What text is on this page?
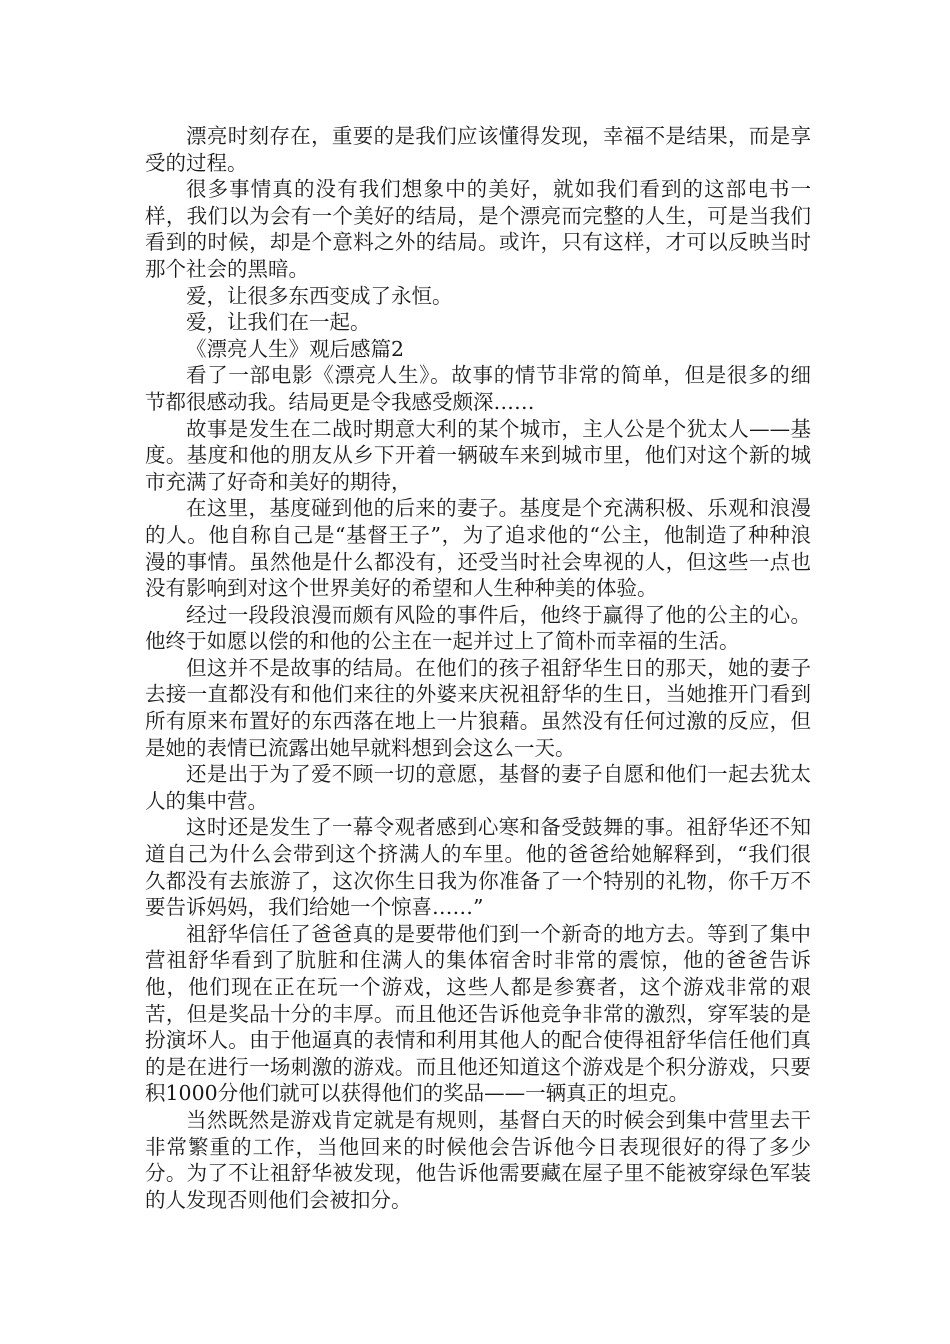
漂亮时刻存在，重要的是我们应该懂得发现，幸福不是结果，而是享受的过程。

很多事情真的没有我们想象中的美好，就如我们看到的这部电书一样，我们以为会有一个美好的结局，是个漂亮而完整的人生，可是当我们看到的时候，却是个意料之外的结局。或许，只有这样，才可以反映当时那个社会的黑暗。

爱，让很多东西变成了永恒。

爱，让我们在一起。

《漂亮人生》观后感篇2

看了一部电影《漂亮人生》。故事的情节非常的简单，但是很多的细节都很感动我。结局更是令我感受颇深……

故事是发生在二战时期意大利的某个城市，主人公是个犹太人——基度。基度和他的朋友从乡下开着一辆破车来到城市里，他们对这个新的城市充满了好奇和美好的期待，

在这里，基度碰到他的后来的妻子。基度是个充满积极、乐观和浪漫的人。他自称自己是“基督王子”，为了追求他的“公主，他制造了种种浪漫的事情。虽然他是什么都没有，还受当时社会卑视的人，但这些一点也没有影响到对这个世界美好的希望和人生种种美的体验。

经过一段段浪漫而颇有风险的事件后，他终于赢得了他的公主的心。他终于如愿以偿的和他的公主在一起并过上了简朴而幸福的生活。

但这并不是故事的结局。在他们的孩子祖舒华生日的那天，她的妻子去接一直都没有和他们来往的外婆来庆祝祖舒华的生日，当她推开门看到所有原来布置好的东西落在地上一片狼藉。虽然没有任何过激的反应，但是她的表情已流露出她早就料想到会这么一天。

还是出于为了爱不顾一切的意愿，基督的妻子自愿和他们一起去犹太人的集中营。

这时还是发生了一幕令观者感到心寒和备受鼓舞的事。祖舒华还不知道自己为什么会带到这个挤满人的车里。他的爸爸给她解释到，“我们很久都没有去旅游了，这次你生日我为你准备了一个特别的礼物，你千万不要告诉妈妈，我们给她一个惊喜……”

祖舒华信任了爸爸真的是要带他们到一个新奇的地方去。等到了集中营祖舒华看到了肮脏和住满人的集体宿舍时非常的震惊，他的爸爸告诉他，他们现在正在玩一个游戏，这些人都是参赛者，这个游戏非常的艰苦，但是奖品十分的丰厚。而且他还告诉他竞争非常的激烈，穿军装的是扮演坏人。由于他逼真的表情和利用其他人的配合使得祖舒华信任他们真的是在进行一场刺激的游戏。而且他还知道这个游戏是个积分游戏，只要积1000分他们就可以获得他们的奖品——一辆真正的坦克。

当然既然是游戏肯定就是有规则，基督白天的时候会到集中营里去干非常繁重的工作，当他回来的时候他会告诉他今日表现很好的得了多少分。为了不让祖舒华被发现，他告诉他需要藏在屋子里不能被穿绿色军装的人发现否则他们会被扣分。
